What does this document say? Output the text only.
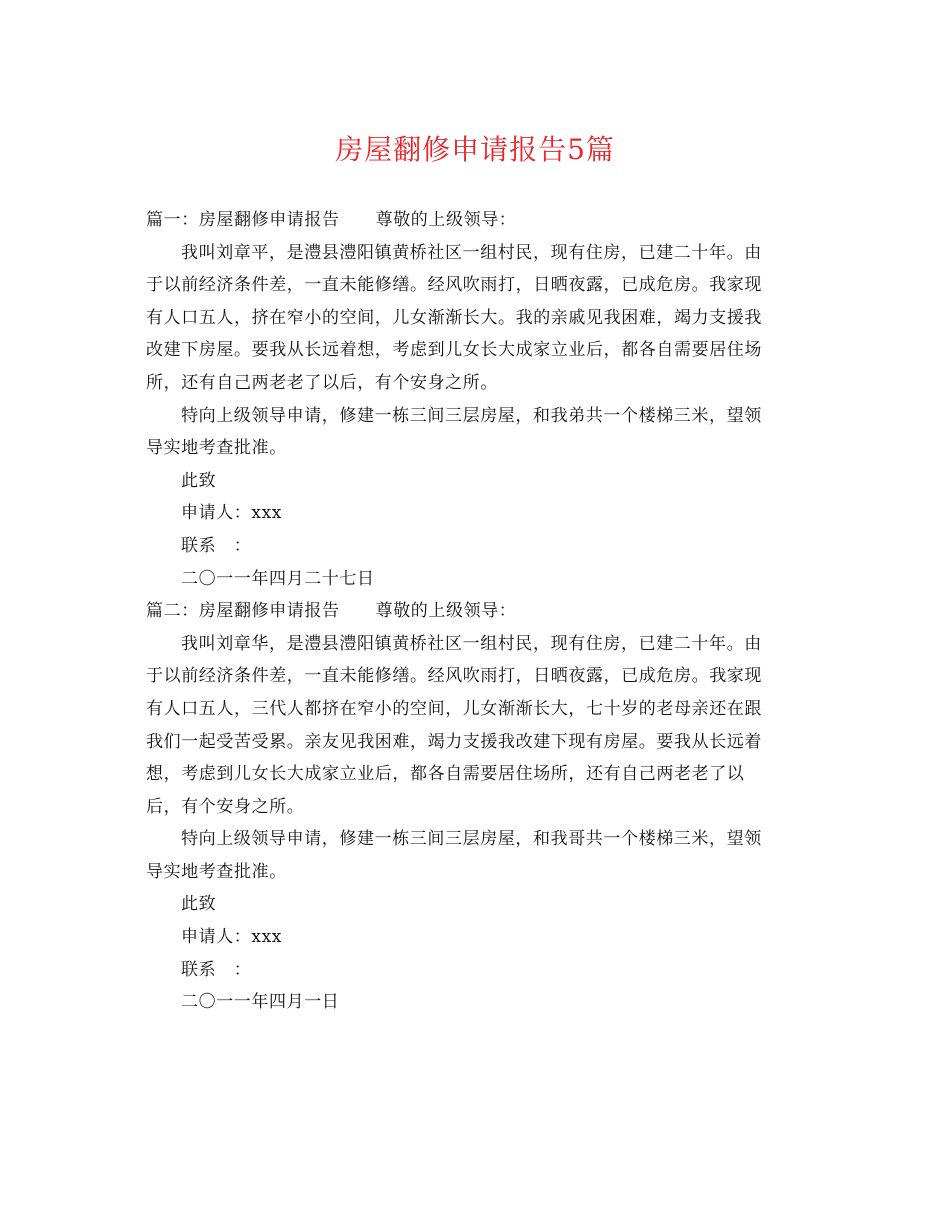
房屋翻修申请报告5篇
篇一：房屋翻修申请报告 尊敬的上级领导：
我叫刘章平，是澧县澧阳镇黄桥社区一组村民，现有住房，已建二十年。由
于以前经济条件差，一直未能修缮。经风吹雨打，日晒夜露，已成危房。我家现
有人口五人，挤在窄小的空间，儿女渐渐长大。我的亲戚见我困难，竭力支援我
改建下房屋。要我从长远着想，考虑到儿女长大成家立业后，都各自需要居住场
所，还有自己两老老了以后，有个安身之所。
特向上级领导申请，修建一栋三间三层房屋，和我弟共一个楼梯三米，望领
导实地考查批准。
此致
申请人：xxx
联系　：
二〇一一年四月二十七日
篇二：房屋翻修申请报告 尊敬的上级领导：
我叫刘章华，是澧县澧阳镇黄桥社区一组村民，现有住房，已建二十年。由
于以前经济条件差，一直未能修缮。经风吹雨打，日晒夜露，已成危房。我家现
有人口五人，三代人都挤在窄小的空间，儿女渐渐长大，七十岁的老母亲还在跟
我们一起受苦受累。亲友见我困难，竭力支援我改建下现有房屋。要我从长远着
想，考虑到儿女长大成家立业后，都各自需要居住场所，还有自己两老老了以
后，有个安身之所。
特向上级领导申请，修建一栋三间三层房屋，和我哥共一个楼梯三米，望领
导实地考查批准。
此致
申请人：xxx
联系　：
二〇一一年四月一日
